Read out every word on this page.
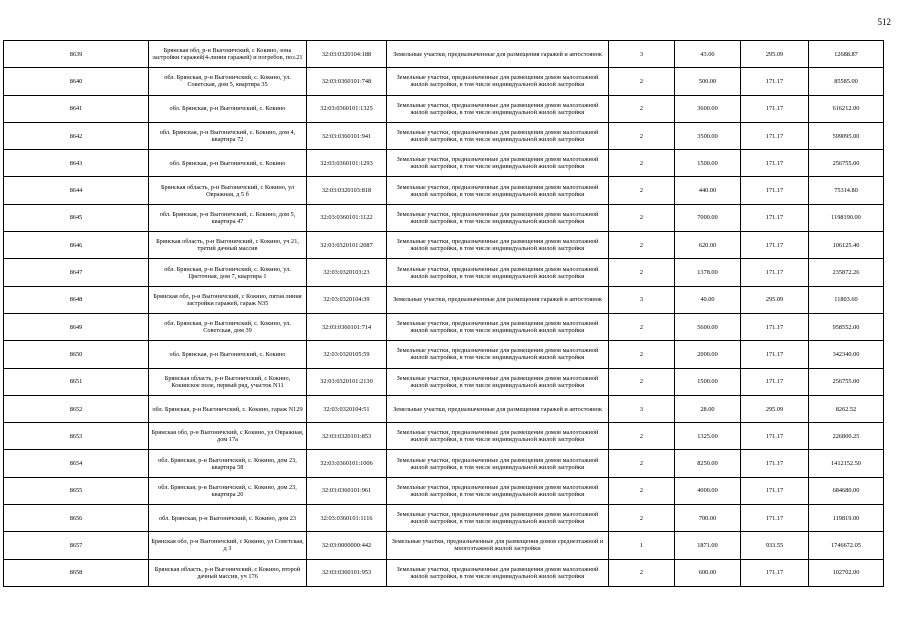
512
8639	Брянская обл, р-н Выгоничский, с Кокино, зона застройки гаражей(4-линия гаражей) и погребов, поз.21	32:03:0320104:188	Земельные участки, предназначенные для размещения гаражей и автостоянок	3	43.00	295.09	12688.87
8640	обл. Брянская, р-н Выгоничский, с. Кокино, ул. Советская, дом 5, квартира 35	32:03:0360101:748	Земельные участки, предназначенные для размещения домов малоэтажной жилой застройки, в том числе индивидуальной жилой застройки	2	500.00	171.17	85585.00
8641	обл. Брянская, р-н Выгоничский, с. Кокино	32:03:0360101:1325	Земельные участки, предназначенные для размещения домов малоэтажной жилой застройки, в том числе индивидуальной жилой застройки	2	3600.00	171.17	616212.00
8642	обл. Брянская, р-н Выгоничский, с. Кокино, дом 4, квартира 72	32:03:0360101:941	Земельные участки, предназначенные для размещения домов малоэтажной жилой застройки, в том числе индивидуальной жилой застройки	2	3500.00	171.17	599095.00
8643	обл. Брянская, р-н Выгоничский, с. Кокино	32:03:0360101:1293	Земельные участки, предназначенные для размещения домов малоэтажной жилой застройки, в том числе индивидуальной жилой застройки	2	1500.00	171.17	256755.00
8644	Брянская область, р-н Выгоничский, с Кокино, ул Овражная, д 5 б	32:03:0320103:818	Земельные участки, предназначенные для размещения домов малоэтажной жилой застройки, в том числе индивидуальной жилой застройки	2	440.00	171.17	75314.80
8645	обл. Брянская, р-н Выгоничский, с. Кокино, дом 5, квартира 47	32:03:0360101:1122	Земельные участки, предназначенные для размещения домов малоэтажной жилой застройки, в том числе индивидуальной жилой застройки	2	7000.00	171.17	1198190.00
8646	Брянская область, р-н Выгоничский, с Кокино, уч 21, третий дачный массив	32:03:0320101:2087	Земельные участки, предназначенные для размещения домов малоэтажной жилой застройки, в том числе индивидуальной жилой застройки	2	620.00	171.17	106125.40
8647	обл. Брянская, р-н Выгоничский, с. Кокино, ул. Цветочная, дом 7, квартира 1	32:03:0320103:23	Земельные участки, предназначенные для размещения домов малоэтажной жилой застройки, в том числе индивидуальной жилой застройки	2	1378.00	171.17	235872.26
8648	Брянская обл, р-н Выгоничский, с Кокино, пятая линия застройки гаражей, гараж N35	32:03:0320104:39	Земельные участки, предназначенные для размещения гаражей и автостоянок	3	40.00	295.09	11803.60
8649	обл. Брянская, р-н Выгоничский, с. Кокино, ул. Советская, дом 39	32:03:0360101:714	Земельные участки, предназначенные для размещения домов малоэтажной жилой застройки, в том числе индивидуальной жилой застройки	2	5600.00	171.17	958552.00
8650	обл. Брянская, р-н Выгоничский, с. Кокино	32:03:0320105:59	Земельные участки, предназначенные для размещения домов малоэтажной жилой застройки, в том числе индивидуальной жилой застройки	2	2000.00	171.17	342340.00
8651	Брянская область, р-н Выгоничский, с Кокино, Кокинское поле, первый ряд, участок N11	32:03:0320101:2130	Земельные участки, предназначенные для размещения домов малоэтажной жилой застройки, в том числе индивидуальной жилой застройки	2	1500.00	171.17	256755.00
8652	обл. Брянская, р-н Выгоничский, с. Кокино, гараж N129	32:03:0320104:51	Земельные участки, предназначенные для размещения гаражей и автостоянок	3	28.00	295.09	8262.52
8653	Брянская обл, р-н Выгоничский, с Кокино, ул Овражная, дом 17а	32:03:0320101:853	Земельные участки, предназначенные для размещения домов малоэтажной жилой застройки, в том числе индивидуальной жилой застройки	2	1325.00	171.17	226800.25
8654	обл. Брянская, р-н Выгоничский, с. Кокино, дом 23, квартира 58	32:03:0360101:1006	Земельные участки, предназначенные для размещения домов малоэтажной жилой застройки, в том числе индивидуальной жилой застройки	2	8250.00	171.17	1412152.50
8655	обл. Брянская, р-н Выгоничский, с. Кокино, дом 23, квартира 20	32:03:0360101:961	Земельные участки, предназначенные для размещения домов малоэтажной жилой застройки, в том числе индивидуальной жилой застройки	2	4000.00	171.17	684680.00
8656	обл. Брянская, р-н Выгоничский, с. Кокино, дом 23	32:03:0360101:1116	Земельные участки, предназначенные для размещения домов малоэтажной жилой застройки, в том числе индивидуальной жилой застройки	2	700.00	171.17	119819.00
8657	Брянская обл, р-н Выгоничский, с Кокино, ул Советская, д 3	32:03:0000000:442	Земельные участки, предназначенные для размещения домов среднеэтажной и многоэтажной жилой застройки	1	1871.00	933.55	1746672.05
8658	Брянская область, р-н Выгоничский, с Кокино, второй дачный массив, уч 176	32:03:0360101:953	Земельные участки, предназначенные для размещения домов малоэтажной жилой застройки, в том числе индивидуальной жилой застройки	2	600.00	171.17	102702.00
